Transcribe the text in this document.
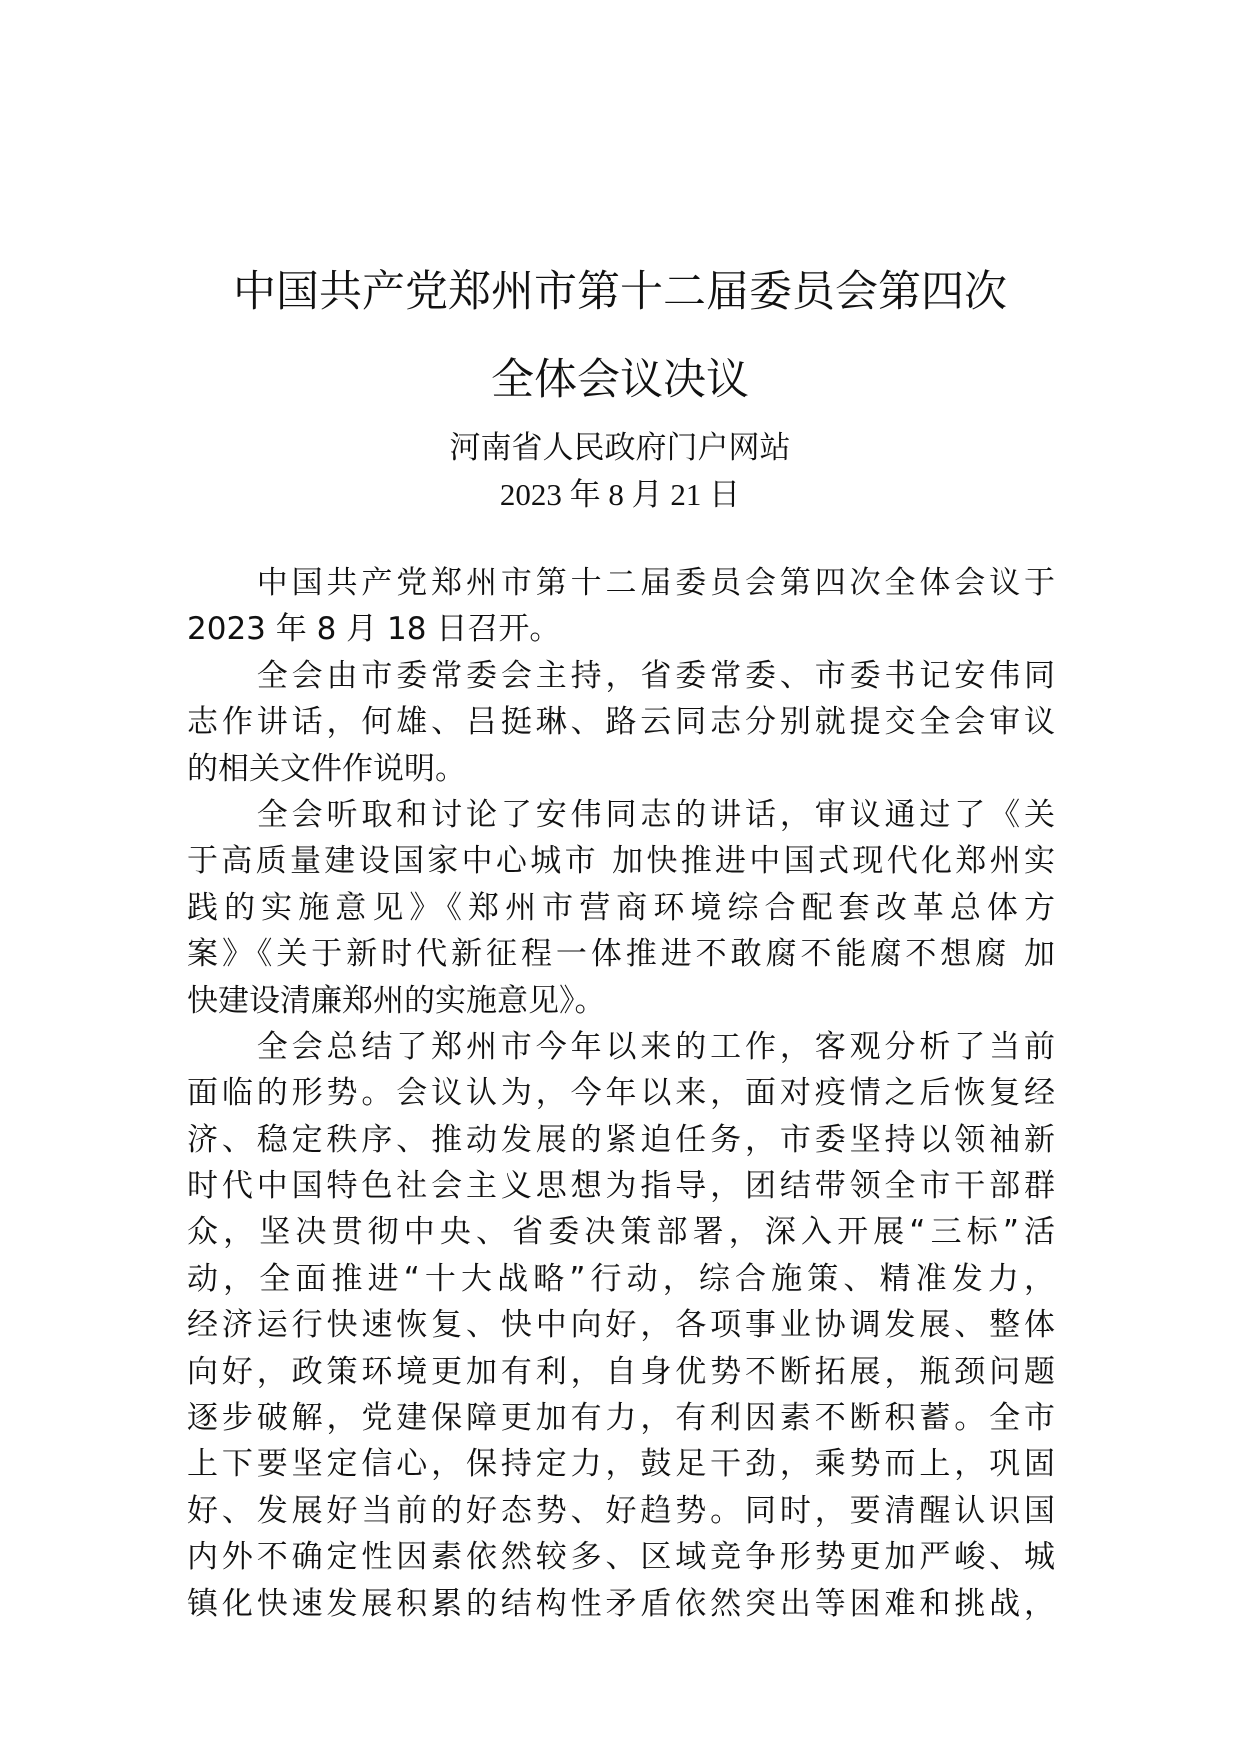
中国共产党郑州市第十二届委员会第四次
全体会议决议
河南省人民政府门户网站
2023 年 8 月 21 日
　　中国共产党郑州市第十二届委员会第四次全体会议于
2023 年 8 月 18 日召开。
　　全会由市委常委会主持，省委常委、市委书记安伟同
志作讲话，何雄、吕挺琳、路云同志分别就提交全会审议
的相关文件作说明。
　　全会听取和讨论了安伟同志的讲话，审议通过了《关
于高质量建设国家中心城市 加快推进中国式现代化郑州实
践的实施意见》《郑州市营商环境综合配套改革总体方
案》《关于新时代新征程一体推进不敢腐不能腐不想腐 加
快建设清廉郑州的实施意见》。
　　全会总结了郑州市今年以来的工作，客观分析了当前
面临的形势。会议认为，今年以来，面对疫情之后恢复经
济、稳定秩序、推动发展的紧迫任务，市委坚持以领袖新
时代中国特色社会主义思想为指导，团结带领全市干部群
众，坚决贯彻中央、省委决策部署，深入开展“三标”活
动，全面推进“十大战略”行动，综合施策、精准发力，
经济运行快速恢复、快中向好，各项事业协调发展、整体
向好，政策环境更加有利，自身优势不断拓展，瓶颈问题
逐步破解，党建保障更加有力，有利因素不断积蓄。全市
上下要坚定信心，保持定力，鼓足干劲，乘势而上，巩固
好、发展好当前的好态势、好趋势。同时，要清醒认识国
内外不确定性因素依然较多、区域竞争形势更加严峻、城
镇化快速发展积累的结构性矛盾依然突出等困难和挑战，
